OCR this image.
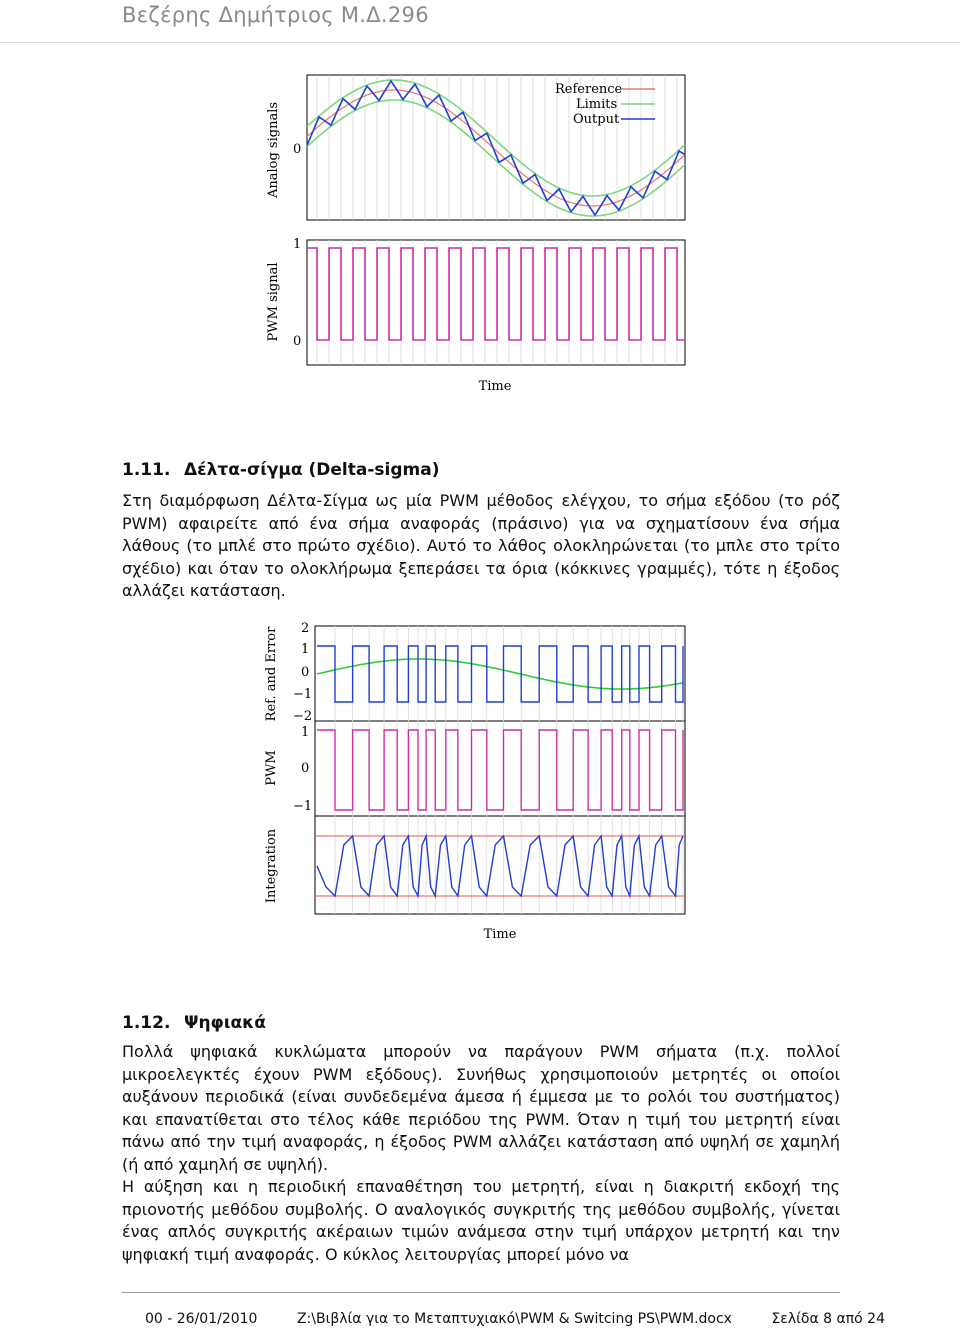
Βεζέρης Δημήτριος Μ.Δ.296
Reference
Limits
Output
0
1
0
Analog signals
PWM signal
Time
1.11. Δέλτα-σίγμα (Delta-sigma)

Στη διαμόρφωση Δέλτα-Σίγμα ως μία PWM μέθοδος ελέγχου, το σήμα εξόδου (το ρόζ PWM) αφαιρείτε από ένα σήμα αναφοράς (πράσινο) για να σχηματίσουν ένα σήμα λάθους (το μπλέ στο πρώτο σχέδιο). Αυτό το λάθος ολοκληρώνεται (το μπλε στο τρίτο σχέδιο) και όταν το ολοκλήρωμα ξεπεράσει τα όρια (κόκκινες γραμμές), τότε η έξοδος αλλάζει κατάσταση.

2
1
0
−1
−2
1
0
−1
Ref. and Error
PWM
Integration
Time
1.12. Ψηφιακά

Πολλά ψηφιακά κυκλώματα μπορούν να παράγουν PWM σήματα (π.χ. πολλοί μικροελεγκτές έχουν PWM εξόδους). Συνήθως χρησιμοποιούν μετρητές οι οποίοι αυξάνουν περιοδικά (είναι συνδεδεμένα άμεσα ή έμμεσα με το ρολόι του συστήματος) και επανατίθεται στο τέλος κάθε περιόδου της PWM. Όταν η τιμή του μετρητή είναι πάνω από την τιμή αναφοράς, η έξοδος PWM αλλάζει κατάσταση από υψηλή σε χαμηλή (ή από χαμηλή σε υψηλή).

Η αύξηση και η περιοδική επαναθέτηση του μετρητή, είναι η διακριτή εκδοχή της πριονοτής μεθόδου συμβολής. Ο αναλογικός συγκριτής της μεθόδου συμβολής, γίνεται ένας απλός συγκριτής ακέραιων τιμών ανάμεσα στην τιμή υπάρχον μετρητή και την ψηφιακή τιμή αναφοράς. Ο κύκλος λειτουργίας μπορεί μόνο να

00 - 26/01/2010	Z:\Βιβλία για το Μεταπτυχιακό\PWM & Switcing PS\PWM.docx	Σελίδα 8 από 24
